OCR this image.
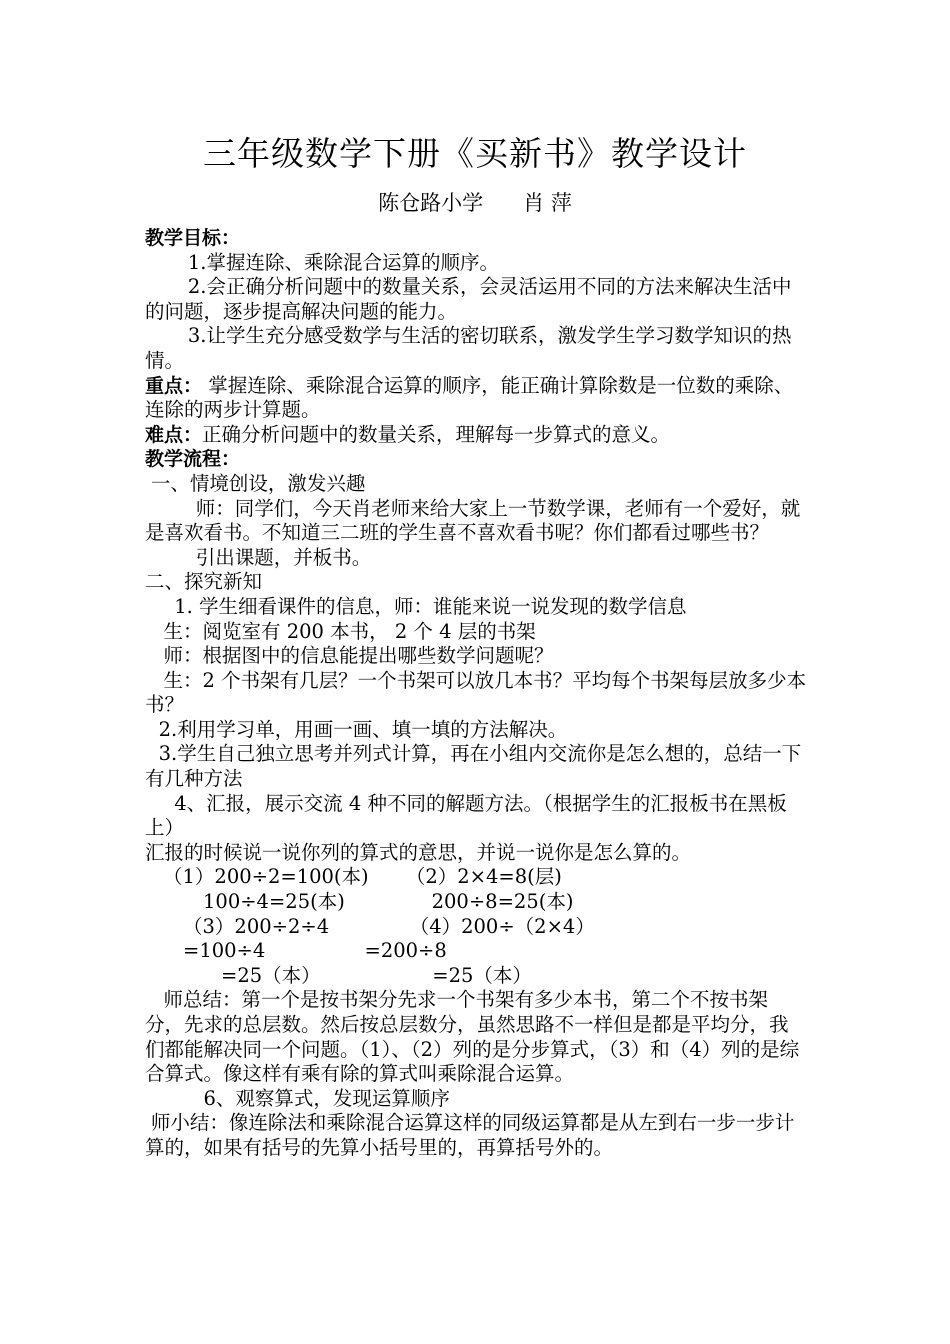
三年级数学下册《买新书》教学设计
陈仓路小学 肖 萍

教学目标：

1.掌握连除、乘除混合运算的顺序。

2.会正确分析问题中的数量关系，会灵活运用不同的方法来解决生活中的问题，逐步提高解决问题的能力。

3.让学生充分感受数学与生活的密切联系，激发学生学习数学知识的热情。

重点： 掌握连除、乘除混合运算的顺序，能正确计算除数是一位数的乘除、连除的两步计算题。

难点：正确分析问题中的数量关系，理解每一步算式的意义。

教学流程：

一、情境创设，激发兴趣

师：同学们，今天肖老师来给大家上一节数学课，老师有一个爱好，就是喜欢看书。不知道三二班的学生喜不喜欢看书呢？你们都看过哪些书？

引出课题，并板书。

二、探究新知

1. 学生细看课件的信息，师：谁能来说一说发现的数学信息

生：阅览室有 200 本书， 2 个 4 层的书架

师：根据图中的信息能提出哪些数学问题呢？

生：2 个书架有几层？一个书架可以放几本书？平均每个书架每层放多少本书？

2.利用学习单，用画一画、填一填的方法解决。

3.学生自己独立思考并列式计算，再在小组内交流你是怎么想的，总结一下有几种方法

4、汇报，展示交流 4 种不同的解题方法。（根据学生的汇报板书在黑板上）

汇报的时候说一说你列的算式的意思，并说一说你是怎么算的。

（1）200÷2=100(本)      （2）2×4=8(层)

100÷4=25(本)              200÷8=25(本)

（3）200÷2÷4             （4）200÷（2×4）

=100÷4                =200÷8

=25（本）                  =25（本）

师总结：第一个是按书架分先求一个书架有多少本书，第二个不按书架分，先求的总层数。然后按总层数分，虽然思路不一样但是都是平均分，我们都能解决同一个问题。（1）、（2）列的是分步算式，（3）和（4）列的是综合算式。像这样有乘有除的算式叫乘除混合运算。

6、观察算式，发现运算顺序

师小结：像连除法和乘除混合运算这样的同级运算都是从左到右一步一步计算的，如果有括号的先算小括号里的，再算括号外的。
